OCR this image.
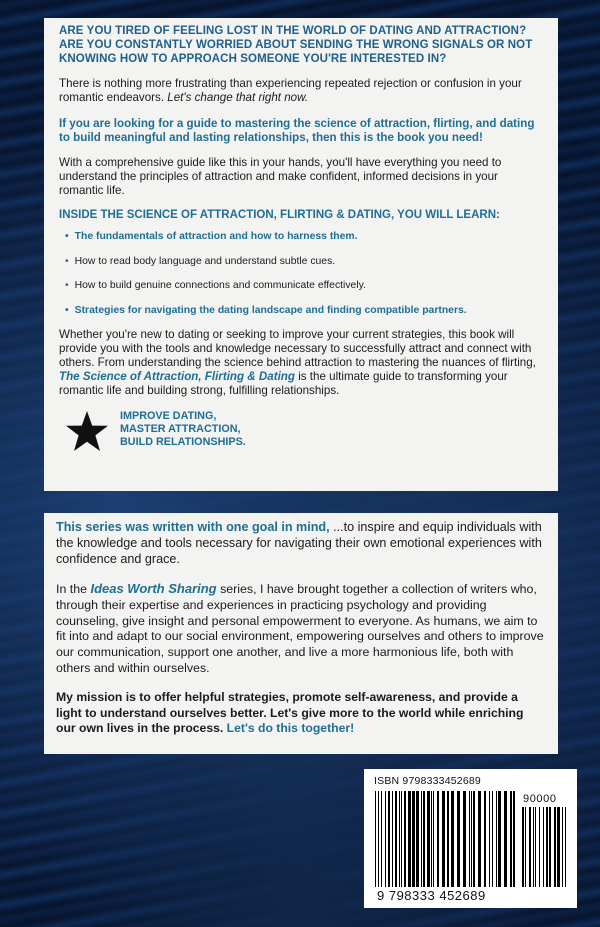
ARE YOU TIRED OF FEELING LOST IN THE WORLD OF DATING AND ATTRACTION?

ARE YOU CONSTANTLY WORRIED ABOUT SENDING THE WRONG SIGNALS OR NOT KNOWING HOW TO APPROACH SOMEONE YOU'RE INTERESTED IN?

There is nothing more frustrating than experiencing repeated rejection or confusion in your romantic endeavors. Let's change that right now.

If you are looking for a guide to mastering the science of attraction, flirting, and dating to build meaningful and lasting relationships, then this is the book you need!

With a comprehensive guide like this in your hands, you'll have everything you need to understand the principles of attraction and make confident, informed decisions in your romantic life.

INSIDE THE SCIENCE OF ATTRACTION, FLIRTING & DATING, YOU WILL LEARN:

• The fundamentals of attraction and how to harness them.
• How to read body language and understand subtle cues.
• How to build genuine connections and communicate effectively.
• Strategies for navigating the dating landscape and finding compatible partners.

Whether you're new to dating or seeking to improve your current strategies, this book will provide you with the tools and knowledge necessary to successfully attract and connect with others. From understanding the science behind attraction to mastering the nuances of flirting, The Science of Attraction, Flirting & Dating is the ultimate guide to transforming your romantic life and building strong, fulfilling relationships.

IMPROVE DATING,
MASTER ATTRACTION,
BUILD RELATIONSHIPS.

This series was written with one goal in mind, ...to inspire and equip individuals with the knowledge and tools necessary for navigating their own emotional experiences with confidence and grace.

In the Ideas Worth Sharing series, I have brought together a collection of writers who, through their expertise and experiences in practicing psychology and providing counseling, give insight and personal empowerment to everyone. As humans, we aim to fit into and adapt to our social environment, empowering ourselves and others to improve our communication, support one another, and live a more harmonious life, both with others and within ourselves.

My mission is to offer helpful strategies, promote self-awareness, and provide a light to understand ourselves better. Let's give more to the world while enriching our own lives in the process. Let's do this together!

ISBN 9798333452689
90000
9 798333 452689
